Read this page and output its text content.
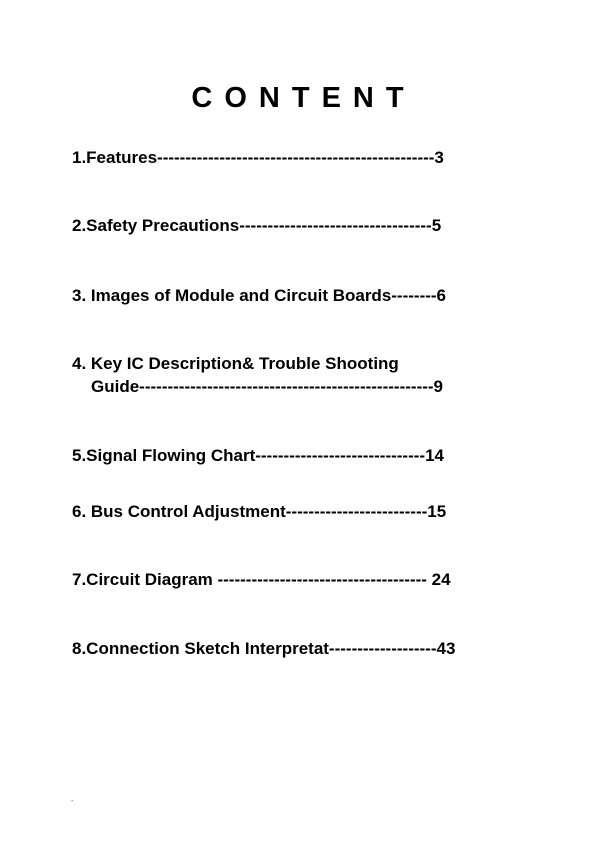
CONTENT
1.Features-------------------------------------------------3
2.Safety Precautions----------------------------------5
3. Images of Module and Circuit Boards--------6
4. Key IC Description& Trouble Shooting
Guide----------------------------------------------------9
5.Signal Flowing Chart------------------------------14
6. Bus Control Adjustment-------------------------15
7.Circuit Diagram ------------------------------------- 24
8.Connection Sketch Interpretat-------------------43
-
